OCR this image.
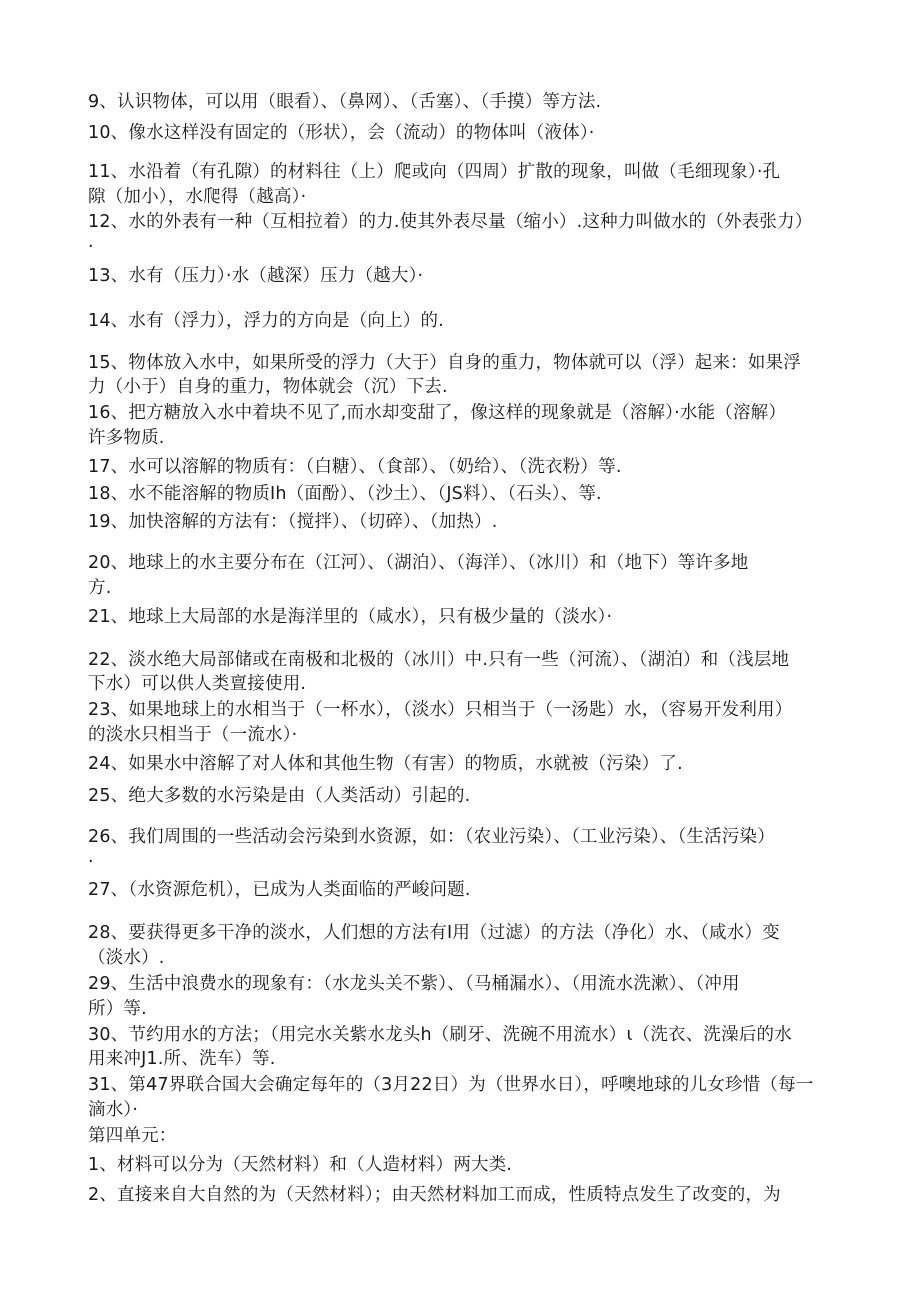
9、认识物体，可以用（眼看）、（鼻网）、（舌塞）、（手摸）等方法.
10、像水这样没有固定的（形状），会（流动）的物体叫（液体）·
11、水沿着（有孔隙）的材料往（上）爬或向（四周）扩散的现象，叫做（毛细现象）·孔
隙（加小），水爬得（越高）·
12、水的外表有一种（互相拉着）的力.使其外表尽量（缩小）.这种力叫做水的（外表张力）
·
13、水有（压力）·水（越深）压力（越大）·
14、水有（浮力），浮力的方向是（向上）的.
15、物体放入水中，如果所受的浮力（大于）自身的重力，物体就可以（浮）起来：如果浮
力（小于）自身的重力，物体就会（沉）下去.
16、把方糖放入水中着块不见了,而水却变甜了，像这样的现象就是（溶解）·水能（溶解）
许多物质.
17、水可以溶解的物质有：（白糖）、（食部）、（奶给）、（洗衣粉）等.
18、水不能溶解的物质Ih（面酚）、（沙土）、（JS料）、（石头）、等.
19、加快溶解的方法有：（搅拌）、（切碎）、（加热）.
20、地球上的水主要分布在（江河）、（湖泊）、（海洋）、（冰川）和（地下）等许多地
方.
21、地球上大局部的水是海洋里的（咸水），只有极少量的（淡水）·
22、淡水绝大局部储或在南极和北极的（冰川）中.只有一些（河流）、（湖泊）和（浅层地
下水）可以供人类亶接使用.
23、如果地球上的水相当于（一杯水），（淡水）只相当于（一汤匙）水，（容易开发利用）
的淡水只相当于（一流水）·
24、如果水中溶解了对人体和其他生物（有害）的物质，水就被（污染）了.
25、绝大多数的水污染是由（人类活动）引起的.
26、我们周围的一些活动会污染到水资源，如：（农业污染）、（工业污染）、（生活污染）
·
27、（水资源危机），已成为人类面临的严峻问题.
28、要获得更多干净的淡水，人们想的方法有I用（过滤）的方法（净化）水、（咸水）变
（淡水）.
29、生活中浪费水的现象有：（水龙头关不紫）、（马桶漏水）、（用流水洗漱）、（冲用
所）等.
30、节约用水的方法；（用完水关紫水龙头h（刷牙、洗碗不用流水）ι（洗衣、洗澡后的水
用来冲J1.所、洗车）等.
31、第47界联合国大会确定每年的（3月22日）为（世界水日），呼噢地球的儿女珍惜（每一
滴水）·
第四单元：
1、材料可以分为（天然材料）和（人造材料）两大类.
2、直接来自大自然的为（天然材料）；由天然材料加工而成，性质特点发生了改变的，为
